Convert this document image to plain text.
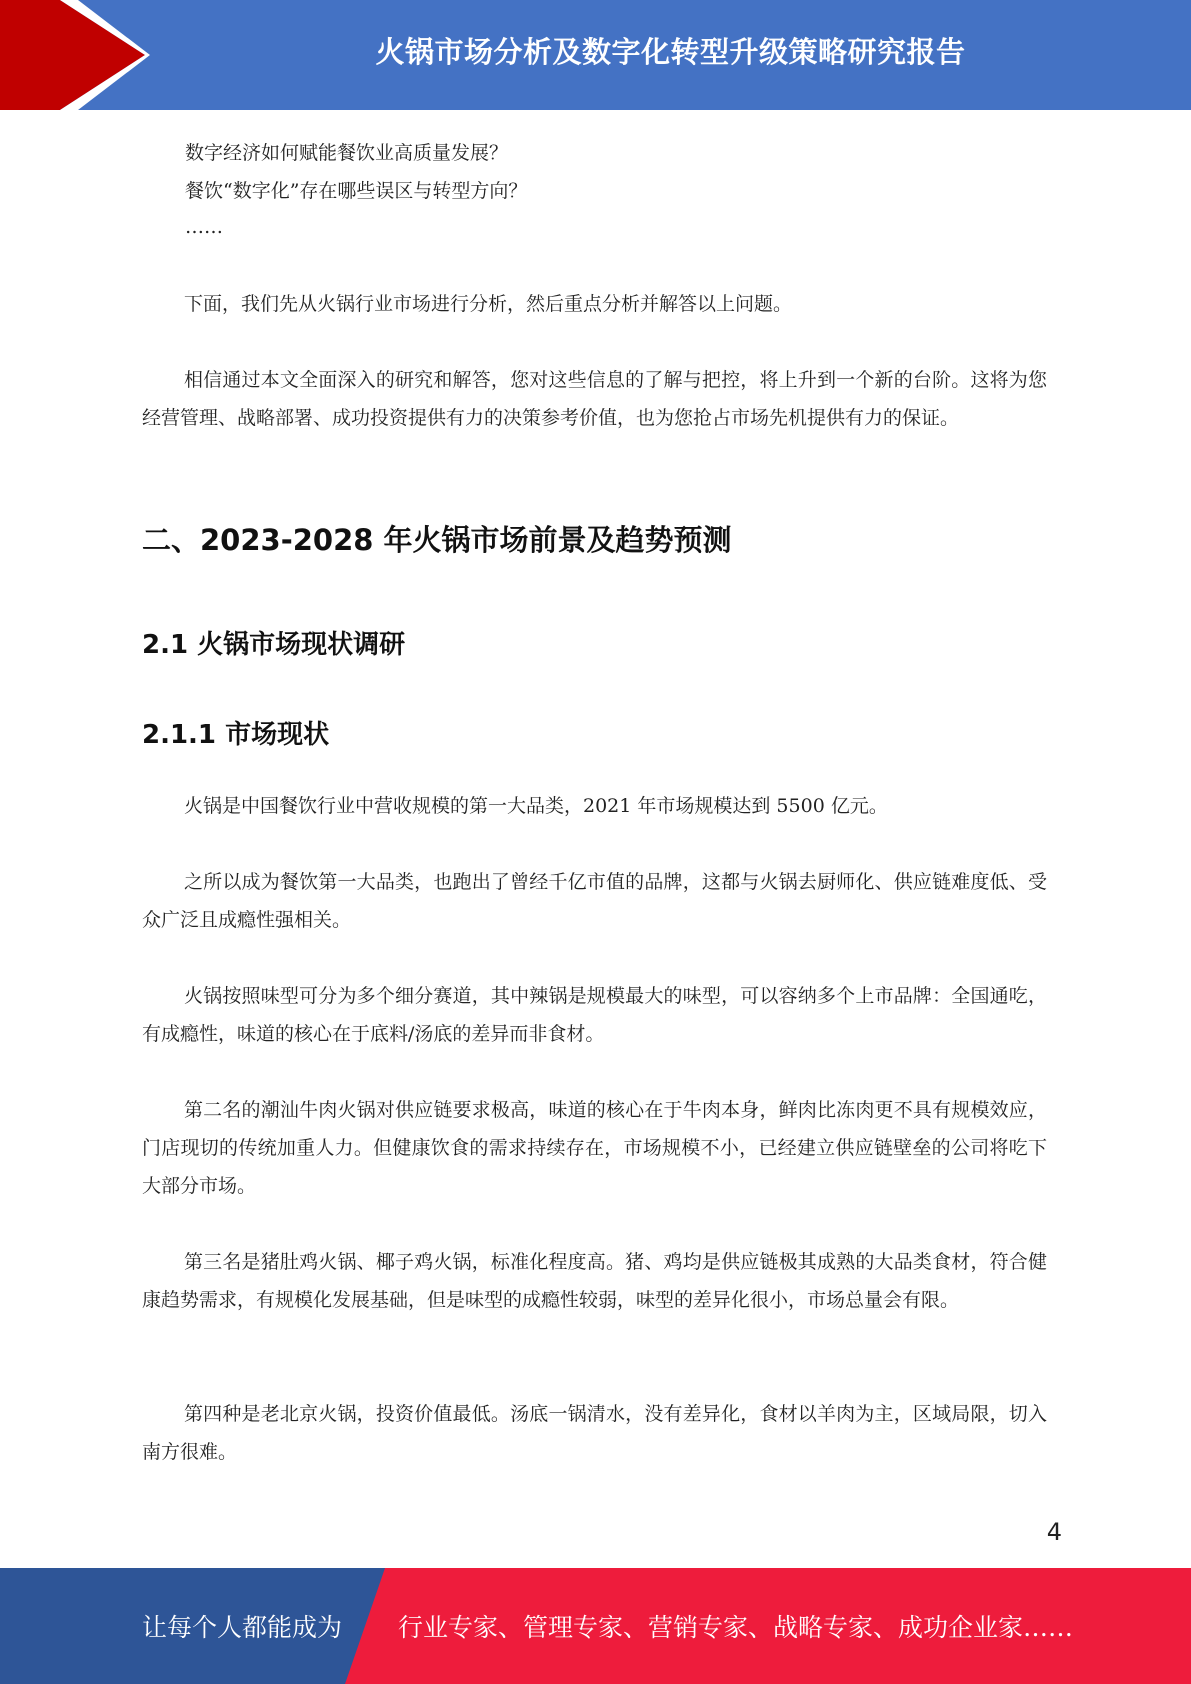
火锅市场分析及数字化转型升级策略研究报告

数字经济如何赋能餐饮业高质量发展？

餐饮“数字化”存在哪些误区与转型方向？

……

下面，我们先从火锅行业市场进行分析，然后重点分析并解答以上问题。

相信通过本文全面深入的研究和解答，您对这些信息的了解与把控，将上升到一个新的台阶。这将为您经营管理、战略部署、成功投资提供有力的决策参考价值，也为您抢占市场先机提供有力的保证。

二、2023-2028 年火锅市场前景及趋势预测
2.1 火锅市场现状调研
2.1.1 市场现状

火锅是中国餐饮行业中营收规模的第一大品类，2021 年市场规模达到 5500 亿元。

之所以成为餐饮第一大品类，也跑出了曾经千亿市值的品牌，这都与火锅去厨师化、供应链难度低、受众广泛且成瘾性强相关。

火锅按照味型可分为多个细分赛道，其中辣锅是规模最大的味型，可以容纳多个上市品牌：全国通吃，有成瘾性，味道的核心在于底料/汤底的差异而非食材。

第二名的潮汕牛肉火锅对供应链要求极高，味道的核心在于牛肉本身，鲜肉比冻肉更不具有规模效应，门店现切的传统加重人力。但健康饮食的需求持续存在，市场规模不小，已经建立供应链壁垒的公司将吃下大部分市场。

第三名是猪肚鸡火锅、椰子鸡火锅，标准化程度高。猪、鸡均是供应链极其成熟的大品类食材，符合健康趋势需求，有规模化发展基础，但是味型的成瘾性较弱，味型的差异化很小，市场总量会有限。

第四种是老北京火锅，投资价值最低。汤底一锅清水，没有差异化，食材以羊肉为主，区域局限，切入南方很难。

4
让每个人都能成为 行业专家、管理专家、营销专家、战略专家、成功企业家……
